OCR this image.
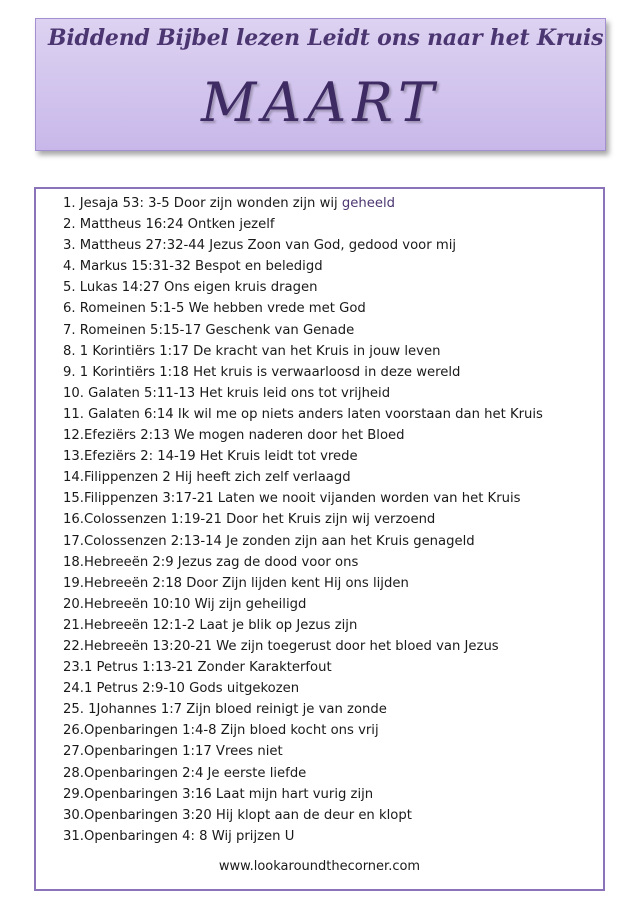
Biddend Bijbel lezen Leidt ons naar het Kruis
MAART
1. Jesaja 53: 3-5 Door zijn wonden zijn wij geheeld
2. Mattheus 16:24 Ontken jezelf
3. Mattheus 27:32-44 Jezus Zoon van God, gedood voor mij
4. Markus 15:31-32 Bespot en beledigd
5. Lukas 14:27 Ons eigen kruis dragen
6. Romeinen 5:1-5 We hebben vrede met God
7. Romeinen 5:15-17 Geschenk van Genade
8. 1 Korintiërs 1:17 De kracht van het Kruis in jouw leven
9. 1 Korintiërs 1:18 Het kruis is verwaarloosd in deze wereld
10. Galaten 5:11-13 Het kruis leid ons tot vrijheid
11. Galaten 6:14 Ik wil me op niets anders laten voorstaan dan het Kruis
12.Efeziërs 2:13 We mogen naderen door het Bloed
13.Efeziërs 2: 14-19 Het Kruis leidt tot vrede
14.Filippenzen 2 Hij heeft zich zelf verlaagd
15.Filippenzen 3:17-21 Laten we nooit vijanden worden van het Kruis
16.Colossenzen 1:19-21 Door het Kruis zijn wij verzoend
17.Colossenzen 2:13-14 Je zonden zijn aan het Kruis genageld
18.Hebreeën 2:9 Jezus zag de dood voor ons
19.Hebreeën 2:18 Door Zijn lijden kent Hij ons lijden
20.Hebreeën 10:10 Wij zijn geheiligd
21.Hebreeën 12:1-2 Laat je blik op Jezus zijn
22.Hebreeën 13:20-21 We zijn toegerust door het bloed van Jezus
23.1 Petrus 1:13-21 Zonder Karakterfout
24.1 Petrus 2:9-10 Gods uitgekozen
25. 1Johannes 1:7 Zijn bloed reinigt je van zonde
26.Openbaringen 1:4-8 Zijn bloed kocht ons vrij
27.Openbaringen 1:17 Vrees niet
28.Openbaringen 2:4 Je eerste liefde
29.Openbaringen 3:16 Laat mijn hart vurig zijn
30.Openbaringen 3:20 Hij klopt aan de deur en klopt
31.Openbaringen 4: 8 Wij prijzen U
www.lookaroundthecorner.com
